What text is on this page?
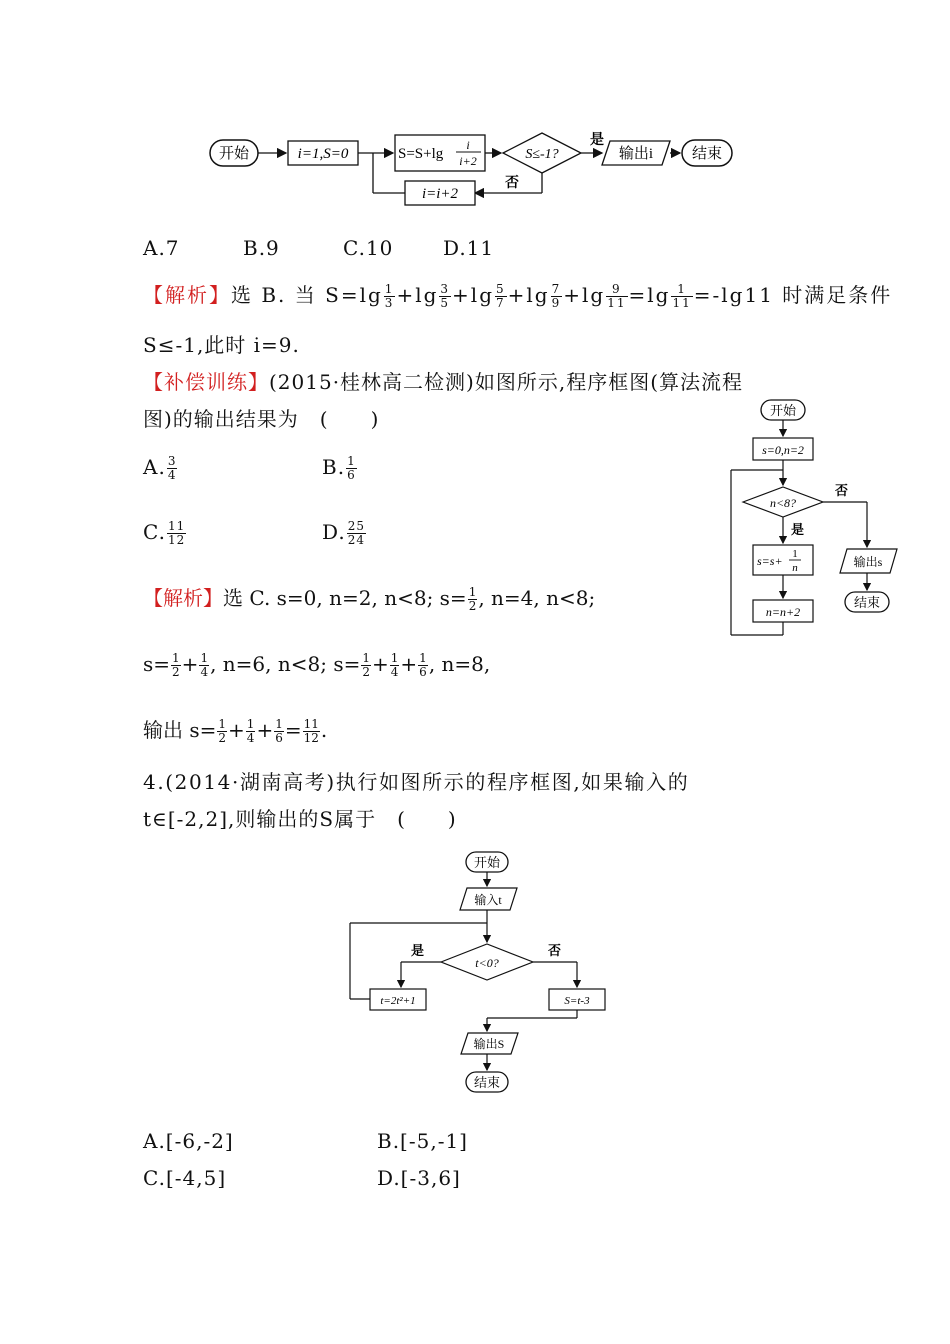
开始	i=1,S=0	S=S+lg
i
i+2	S≤-1?
是
输出i	结束
否
i=i+2
A.7	B.9	C.10 D.11
【解析】选 B. 当 $S=\lg \frac{1}{3} +\lg \frac{3}{5} +\lg \frac{5}{7} +\lg \frac{7}{9} +\lg \frac{9}{11} =\lg \frac{1}{11} =-\lg 11$ 时满足条件
S≤-1,此时 i=9.
【补偿训练】(2015·桂林高二检测)如图所示,程序框图(算法流程
图)的输出结果为　(　　)
A. $\frac{3}{4}$	B. $\frac{1}{6}$
C. $\frac{11}{12}$	D. $\frac{25}{24}$
【解析】选 C. s=0, n=2, n<8; $s= \frac{1}{2}$ , n=4, n<8;
$s= \frac{1}{2} + \frac{1}{4}$ , n=6, n<8; $s= \frac{1}{2} + \frac{1}{4} + \frac{1}{6}$ , n=8,
输出 $s= \frac{1}{2} + \frac{1}{4} + \frac{1}{6} = \frac{11}{12}$ .
开始
s=0,n=2
n<8?
否
是
s=s+ 1
n
n=n+2
输出s
结束
4.(2014·湖南高考)执行如图所示的程序框图,如果输入的
t∈[-2,2],则输出的S属于　(　　)
开始
输入t
t<0?
是	否
t=2t²+1	S=t-3
输出S
结束
A.[-6,-2]	B.[-5,-1]
C.[-4,5]	D.[-3,6]
